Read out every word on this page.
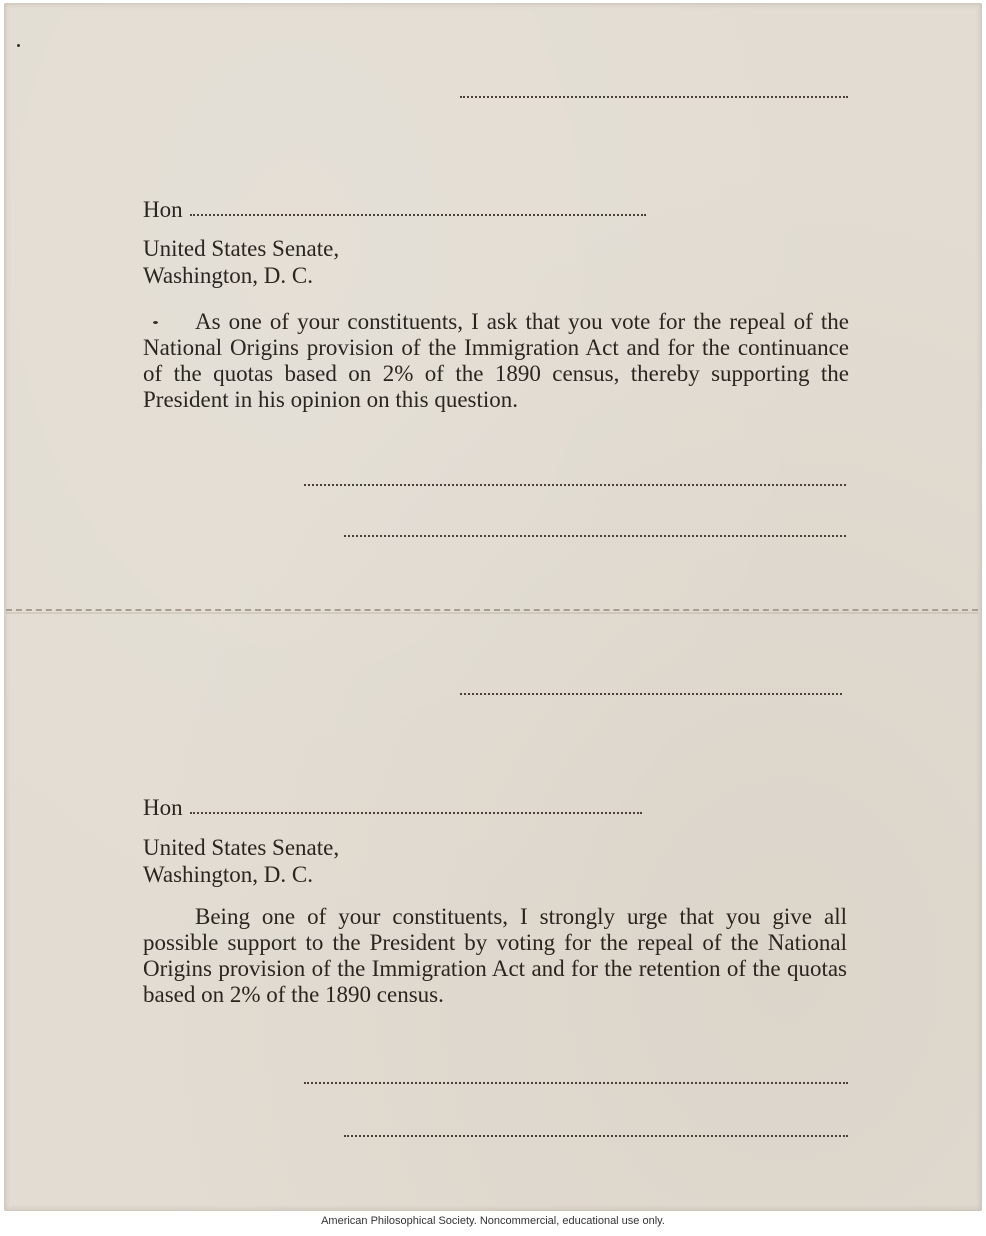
Hon
United States Senate,
Washington, D. C.
As one of your constituents, I ask that you vote for the repeal of the National Origins provision of the Immigration Act and for the continuance of the quotas based on 2% of the 1890 census, thereby supporting the President in his opinion on this question.
Hon
United States Senate,
Washington, D. C.
Being one of your constituents, I strongly urge that you give all possible support to the President by voting for the repeal of the National Origins provision of the Immigration Act and for the retention of the quotas based on 2% of the 1890 census.
American Philosophical Society. Noncommercial, educational use only.
